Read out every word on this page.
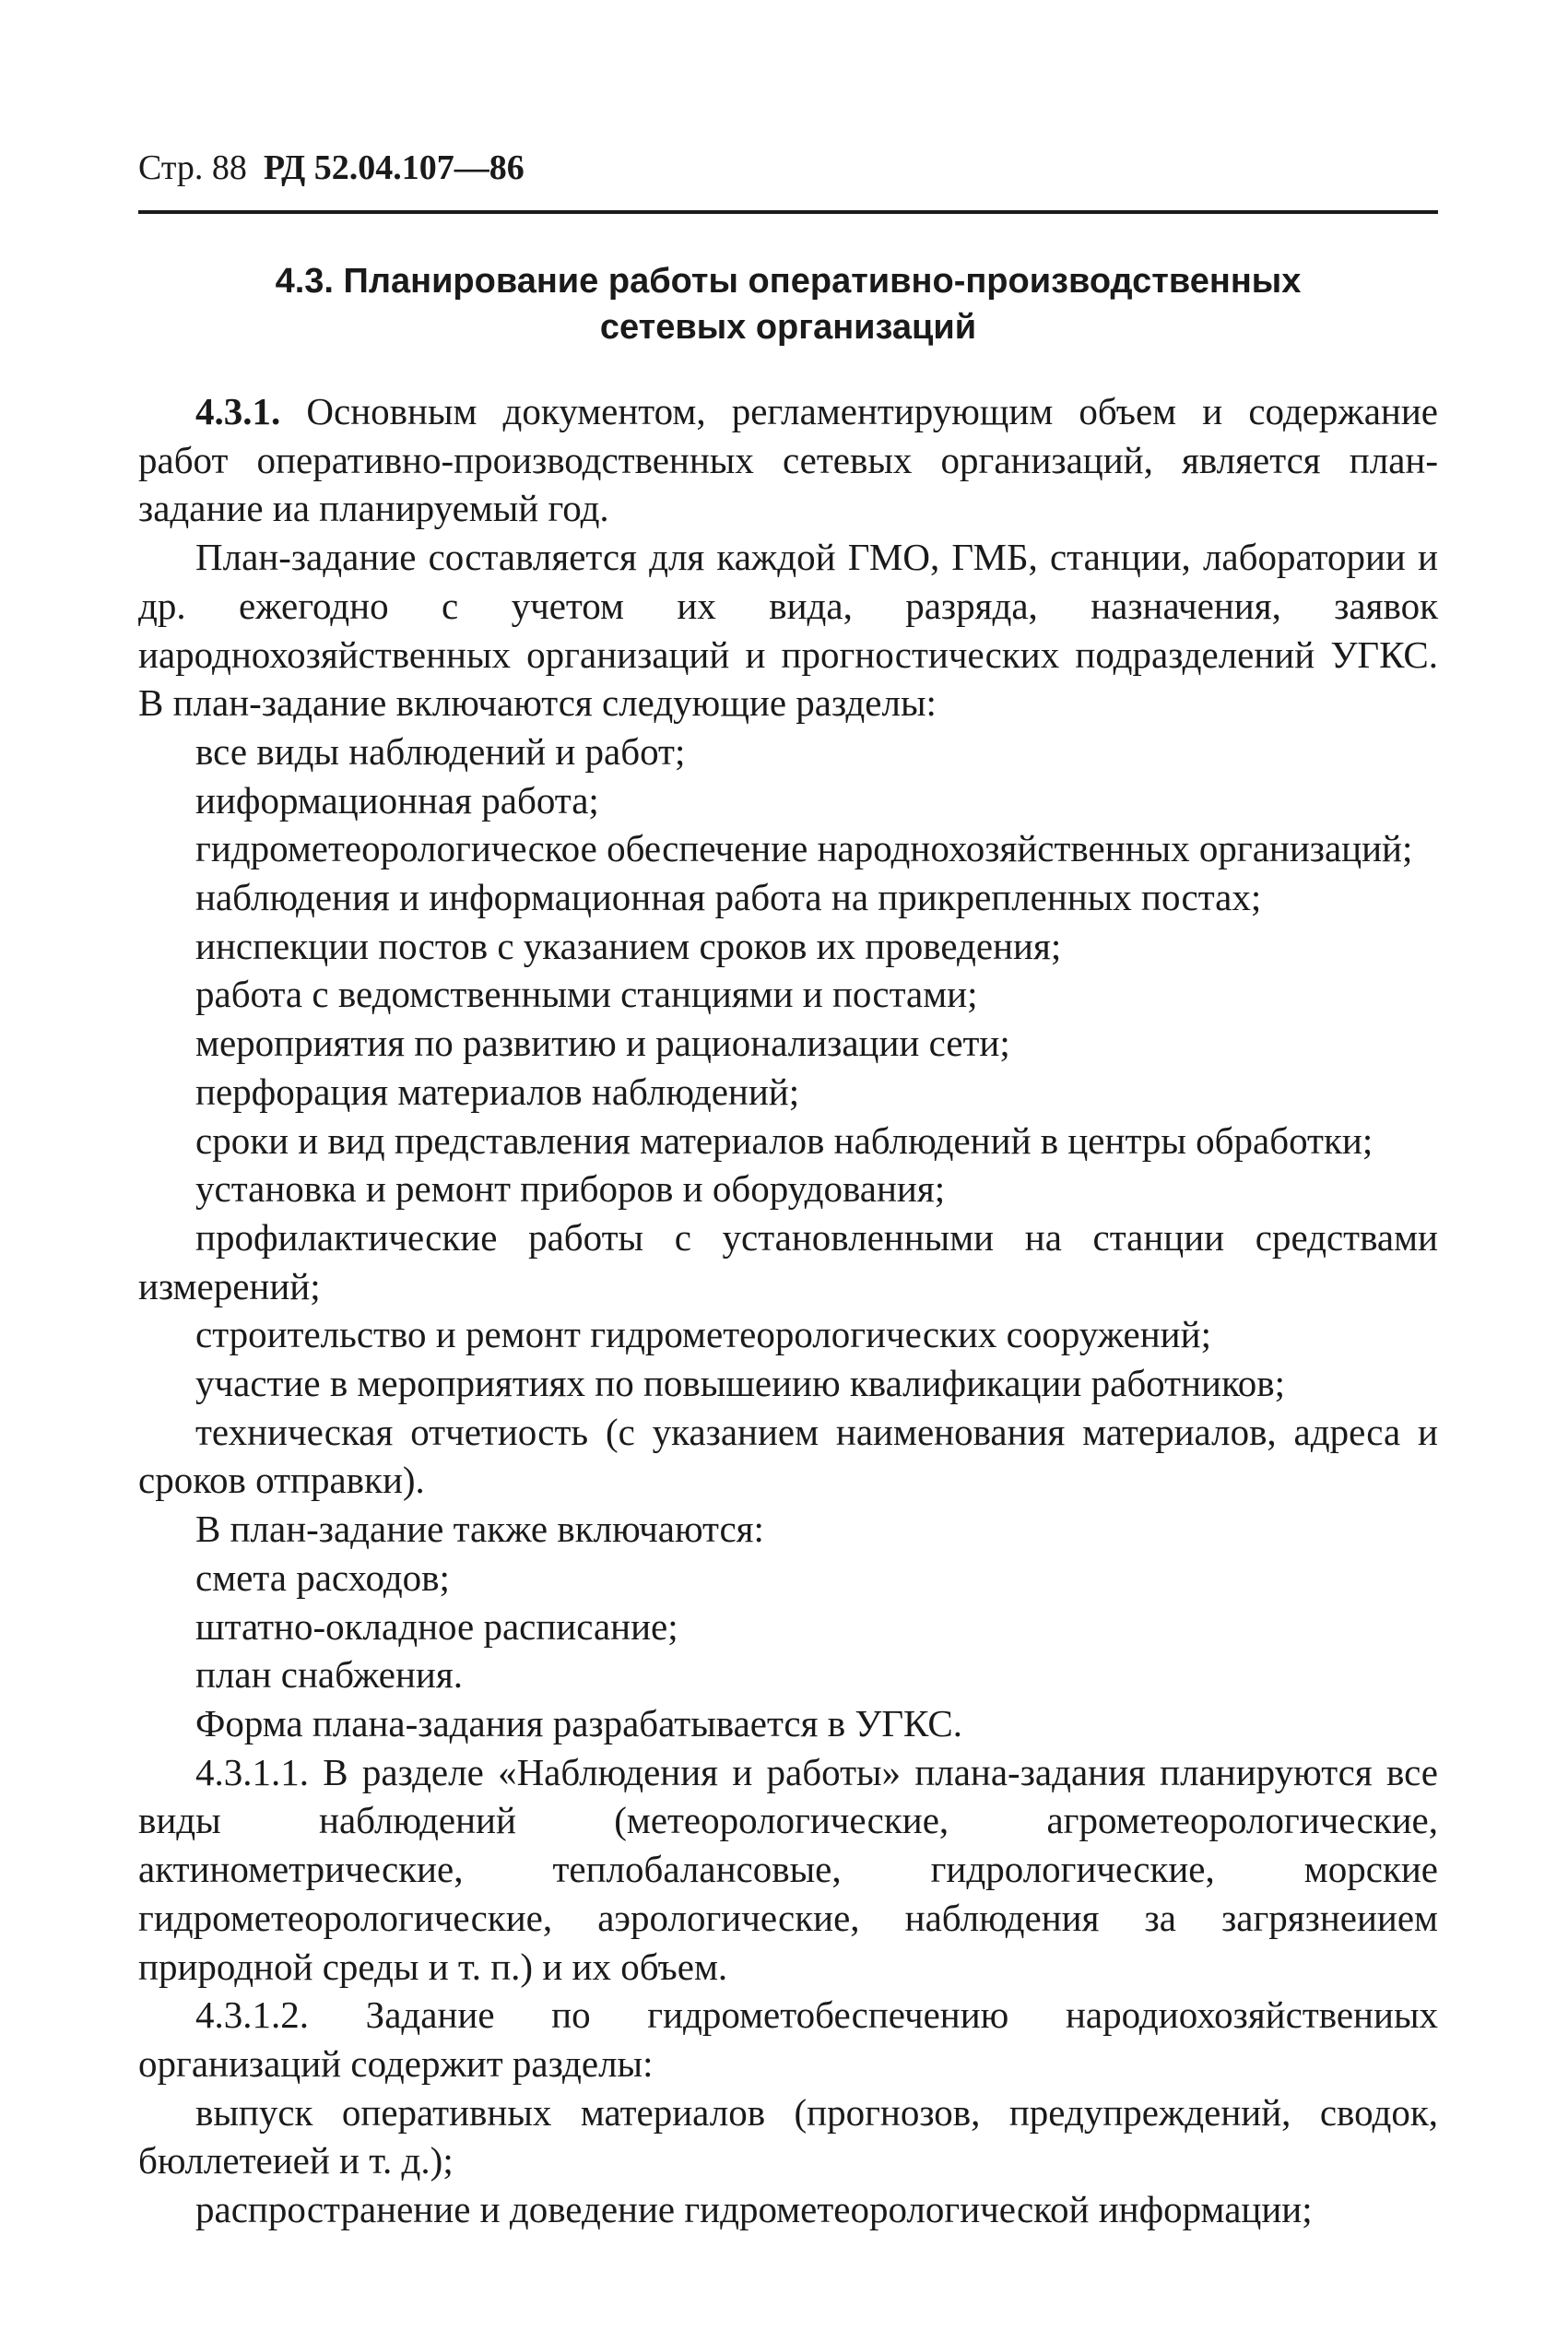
Стр. 88 РД 52.04.107—86
4.3. Планирование работы оперативно-производственных
сетевых организаций
4.3.1. Основным документом, регламентирующим объем и содержание работ оперативно-производственных сетевых организаций, является план-задание иа планируемый год.
План-задание составляется для каждой ГМО, ГМБ, станции, лаборатории и др. ежегодно с учетом их вида, разряда, назначения, заявок иароднохозяйственных организаций и прогностических подразделений УГКС. В план-задание включаются следующие разделы:
все виды наблюдений и работ;
ииформационная работа;
гидрометеорологическое обеспечение народнохозяйственных организаций;
наблюдения и информационная работа на прикрепленных постах;
инспекции постов с указанием сроков их проведения;
работа с ведомственными станциями и постами;
мероприятия по развитию и рационализации сети;
перфорация материалов наблюдений;
сроки и вид представления материалов наблюдений в центры обработки;
установка и ремонт приборов и оборудования;
профилактические работы с установленными на станции средствами измерений;
строительство и ремонт гидрометеорологических сооружений;
участие в мероприятиях по повышеиию квалификации работников;
техническая отчетиость (с указанием наименования материалов, адреса и сроков отправки).
В план-задание также включаются:
смета расходов;
штатно-окладное расписание;
план снабжения.
Форма плана-задания разрабатывается в УГКС.
4.3.1.1. В разделе «Наблюдения и работы» плана-задания планируются все виды наблюдений (метеорологические, агрометеорологические, актинометрические, теплобалансовые, гидрологические, морские гидрометеорологические, аэрологические, наблюдения за загрязнеиием природной среды и т. п.) и их объем.
4.3.1.2. Задание по гидрометобеспечению народиохозяйствениых организаций содержит разделы:
выпуск оперативных материалов (прогнозов, предупреждений, сводок, бюллетеией и т. д.);
распространение и доведение гидрометеорологической информации;
